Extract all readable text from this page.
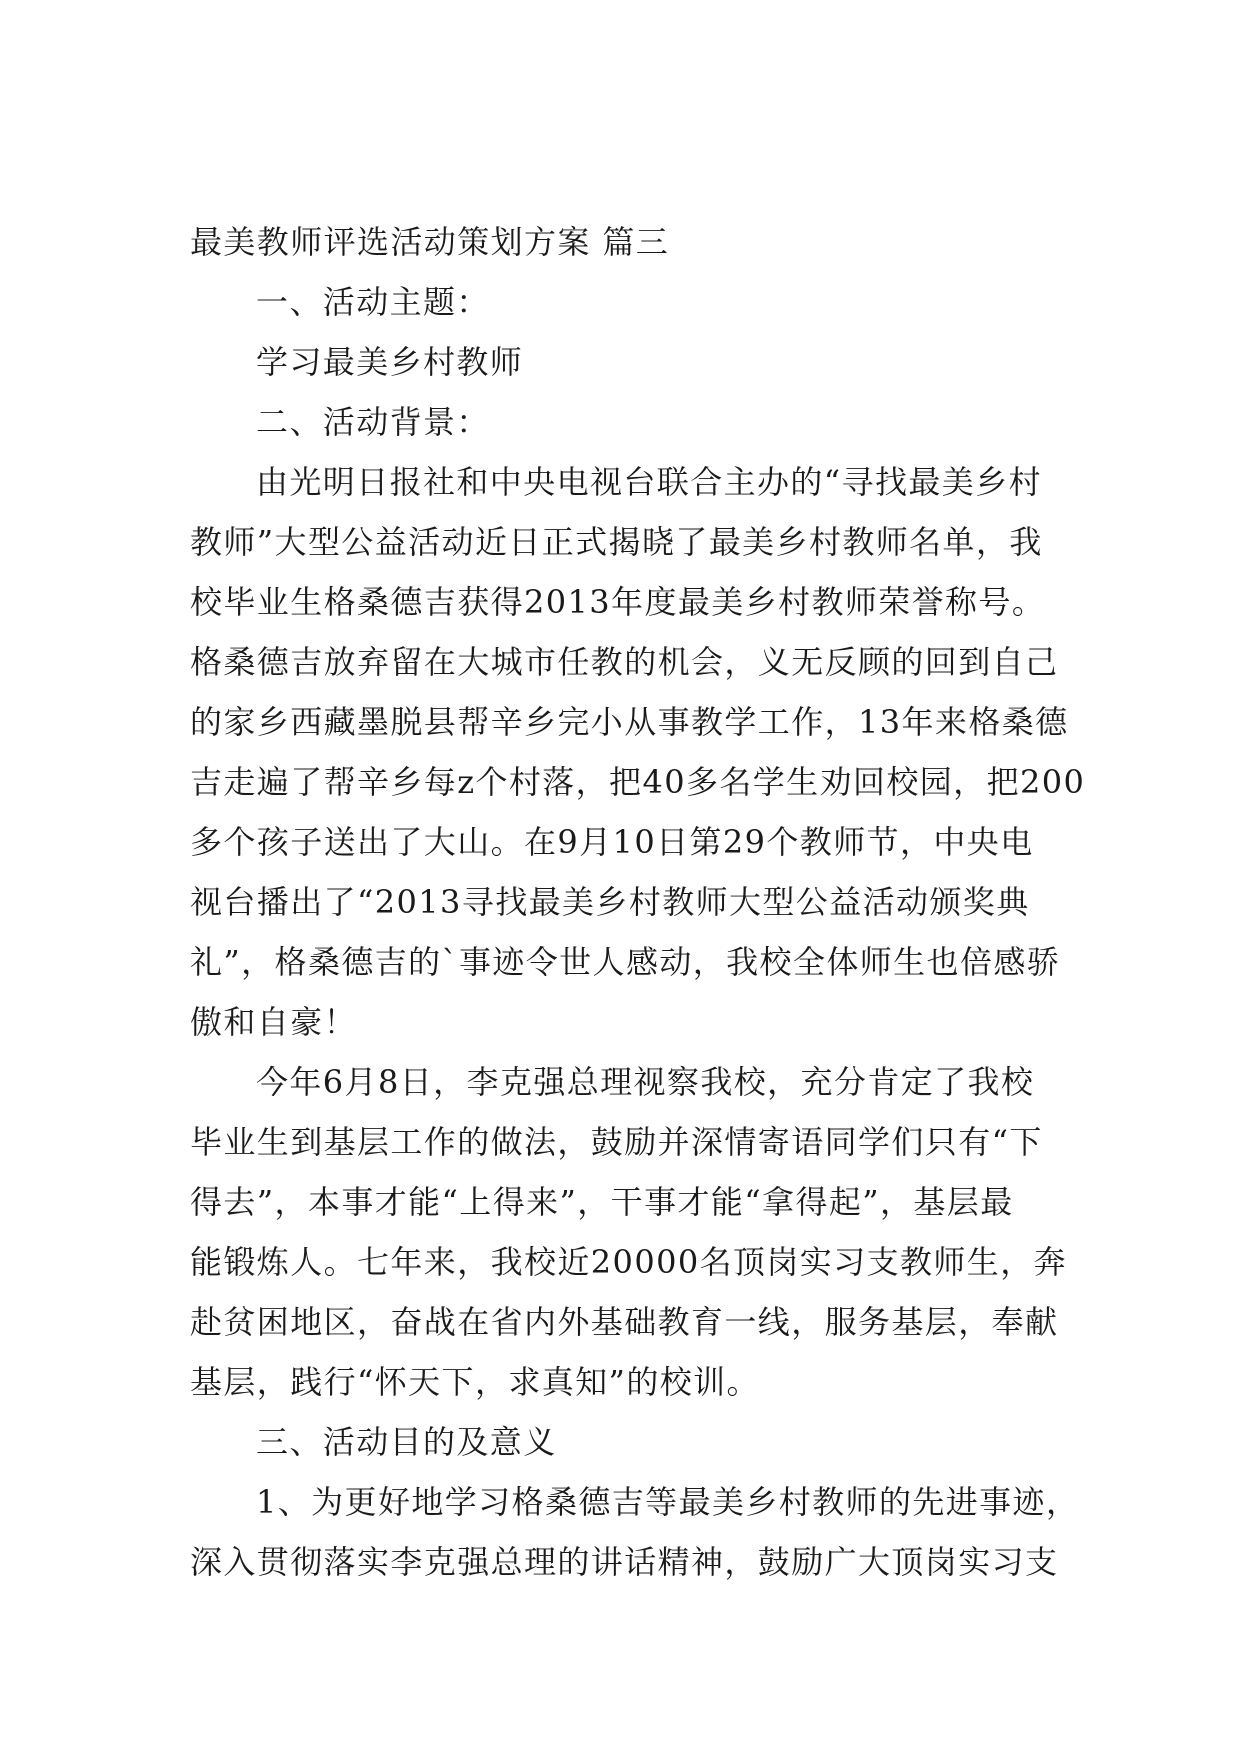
最美教师评选活动策划方案 篇三
一、活动主题：
学习最美乡村教师
二、活动背景：
由光明日报社和中央电视台联合主办的“寻找最美乡村
教师”大型公益活动近日正式揭晓了最美乡村教师名单，我
校毕业生格桑德吉获得2013年度最美乡村教师荣誉称号。
格桑德吉放弃留在大城市任教的机会，义无反顾的回到自己
的家乡西藏墨脱县帮辛乡完小从事教学工作，13年来格桑德
吉走遍了帮辛乡每z个村落，把40多名学生劝回校园，把200
多个孩子送出了大山。在9月10日第29个教师节，中央电
视台播出了“2013寻找最美乡村教师大型公益活动颁奖典
礼”，格桑德吉的`事迹令世人感动，我校全体师生也倍感骄
傲和自豪！
今年6月8日，李克强总理视察我校，充分肯定了我校
毕业生到基层工作的做法，鼓励并深情寄语同学们只有“下
得去”，本事才能“上得来”，干事才能“拿得起”，基层最
能锻炼人。七年来，我校近20000名顶岗实习支教师生，奔
赴贫困地区，奋战在省内外基础教育一线，服务基层，奉献
基层，践行“怀天下，求真知”的校训。
三、活动目的及意义
1、为更好地学习格桑德吉等最美乡村教师的先进事迹，
深入贯彻落实李克强总理的讲话精神，鼓励广大顶岗实习支
